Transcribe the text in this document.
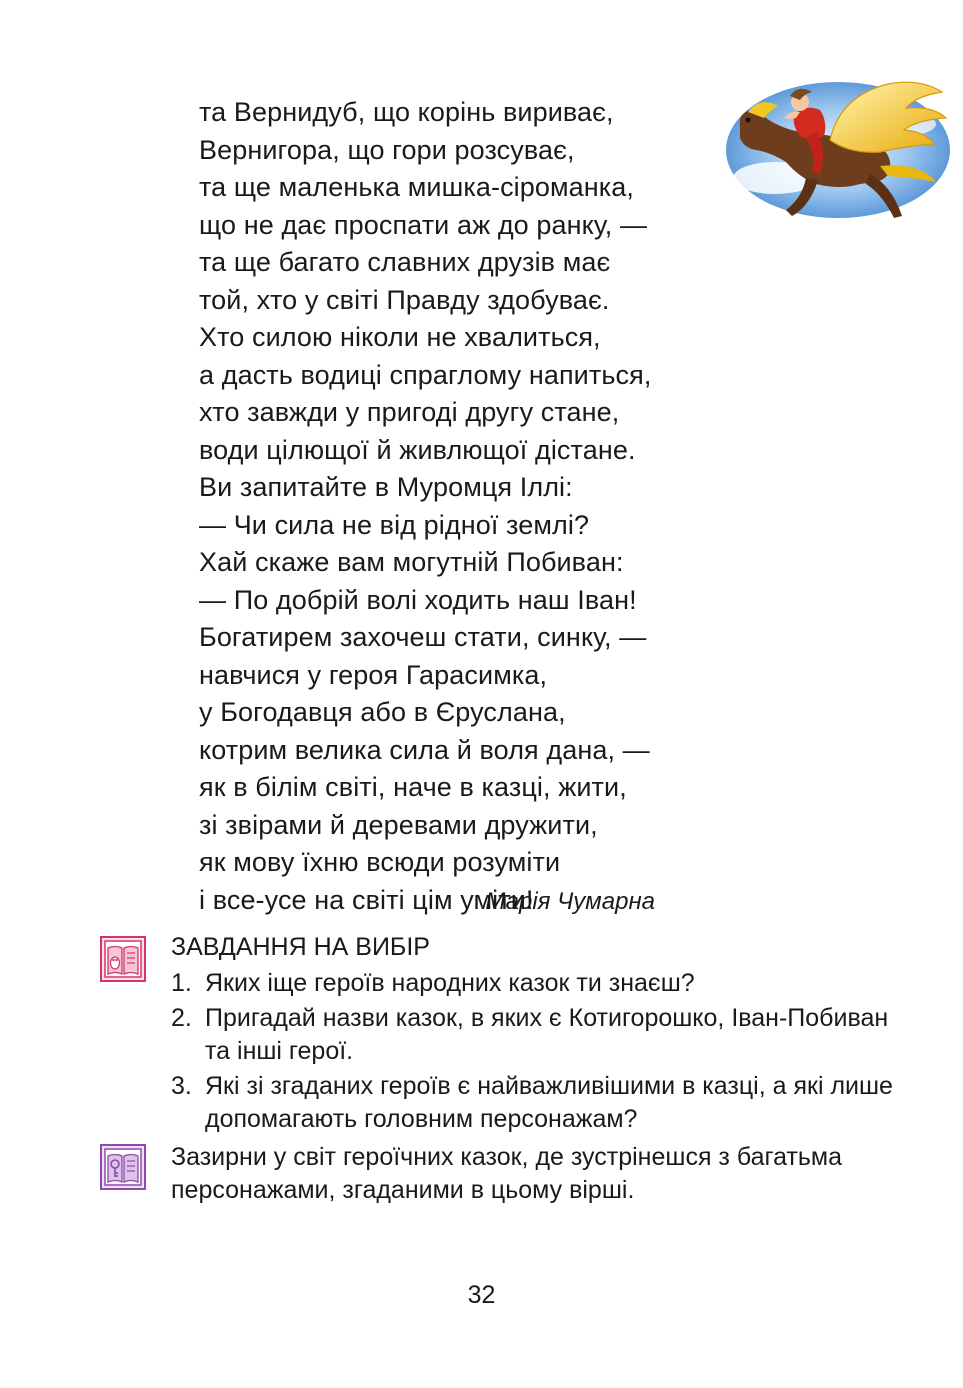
та Вернидуб, що корінь вириває,
Вернигора, що гори розсуває,
та ще маленька мишка-сіроманка,
що не дає проспати аж до ранку, —
та ще багато славних друзів має
той, хто у світі Правду здобуває.
Хто силою ніколи не хвалиться,
а дасть водиці спраглому напиться,
хто завжди у пригоді другу стане,
води цілющої й живлющої дістане.
Ви запитайте в Муромця Іллі:
— Чи сила не від рідної землі?
Хай скаже вам могутній Побиван:
— По добрій волі ходить наш Іван!
Богатирем захочеш стати, синку, —
навчися у героя Гарасимка,
у Богодавця або в Єруслана,
котрим велика сила й воля дана, —
як в білім світі, наче в казці, жити,
зі звірами й деревами дружити,
як мову їхню всюди розуміти
і все-усе на світі цім уміти!
Марія Чумарна
ЗАВДАННЯ НА ВИБІР
1. Яких іще героїв народних казок ти знаєш?
2. Пригадай назви казок, в яких є Котигорошко, Іван-Побиван та інші герої.
3. Які зі згаданих героїв є найважливішими в казці, а які лише допомагають головним персонажам?
Зазирни у світ героїчних казок, де зустрінешся з багатьма персонажами, згаданими в цьому вірші.
32
